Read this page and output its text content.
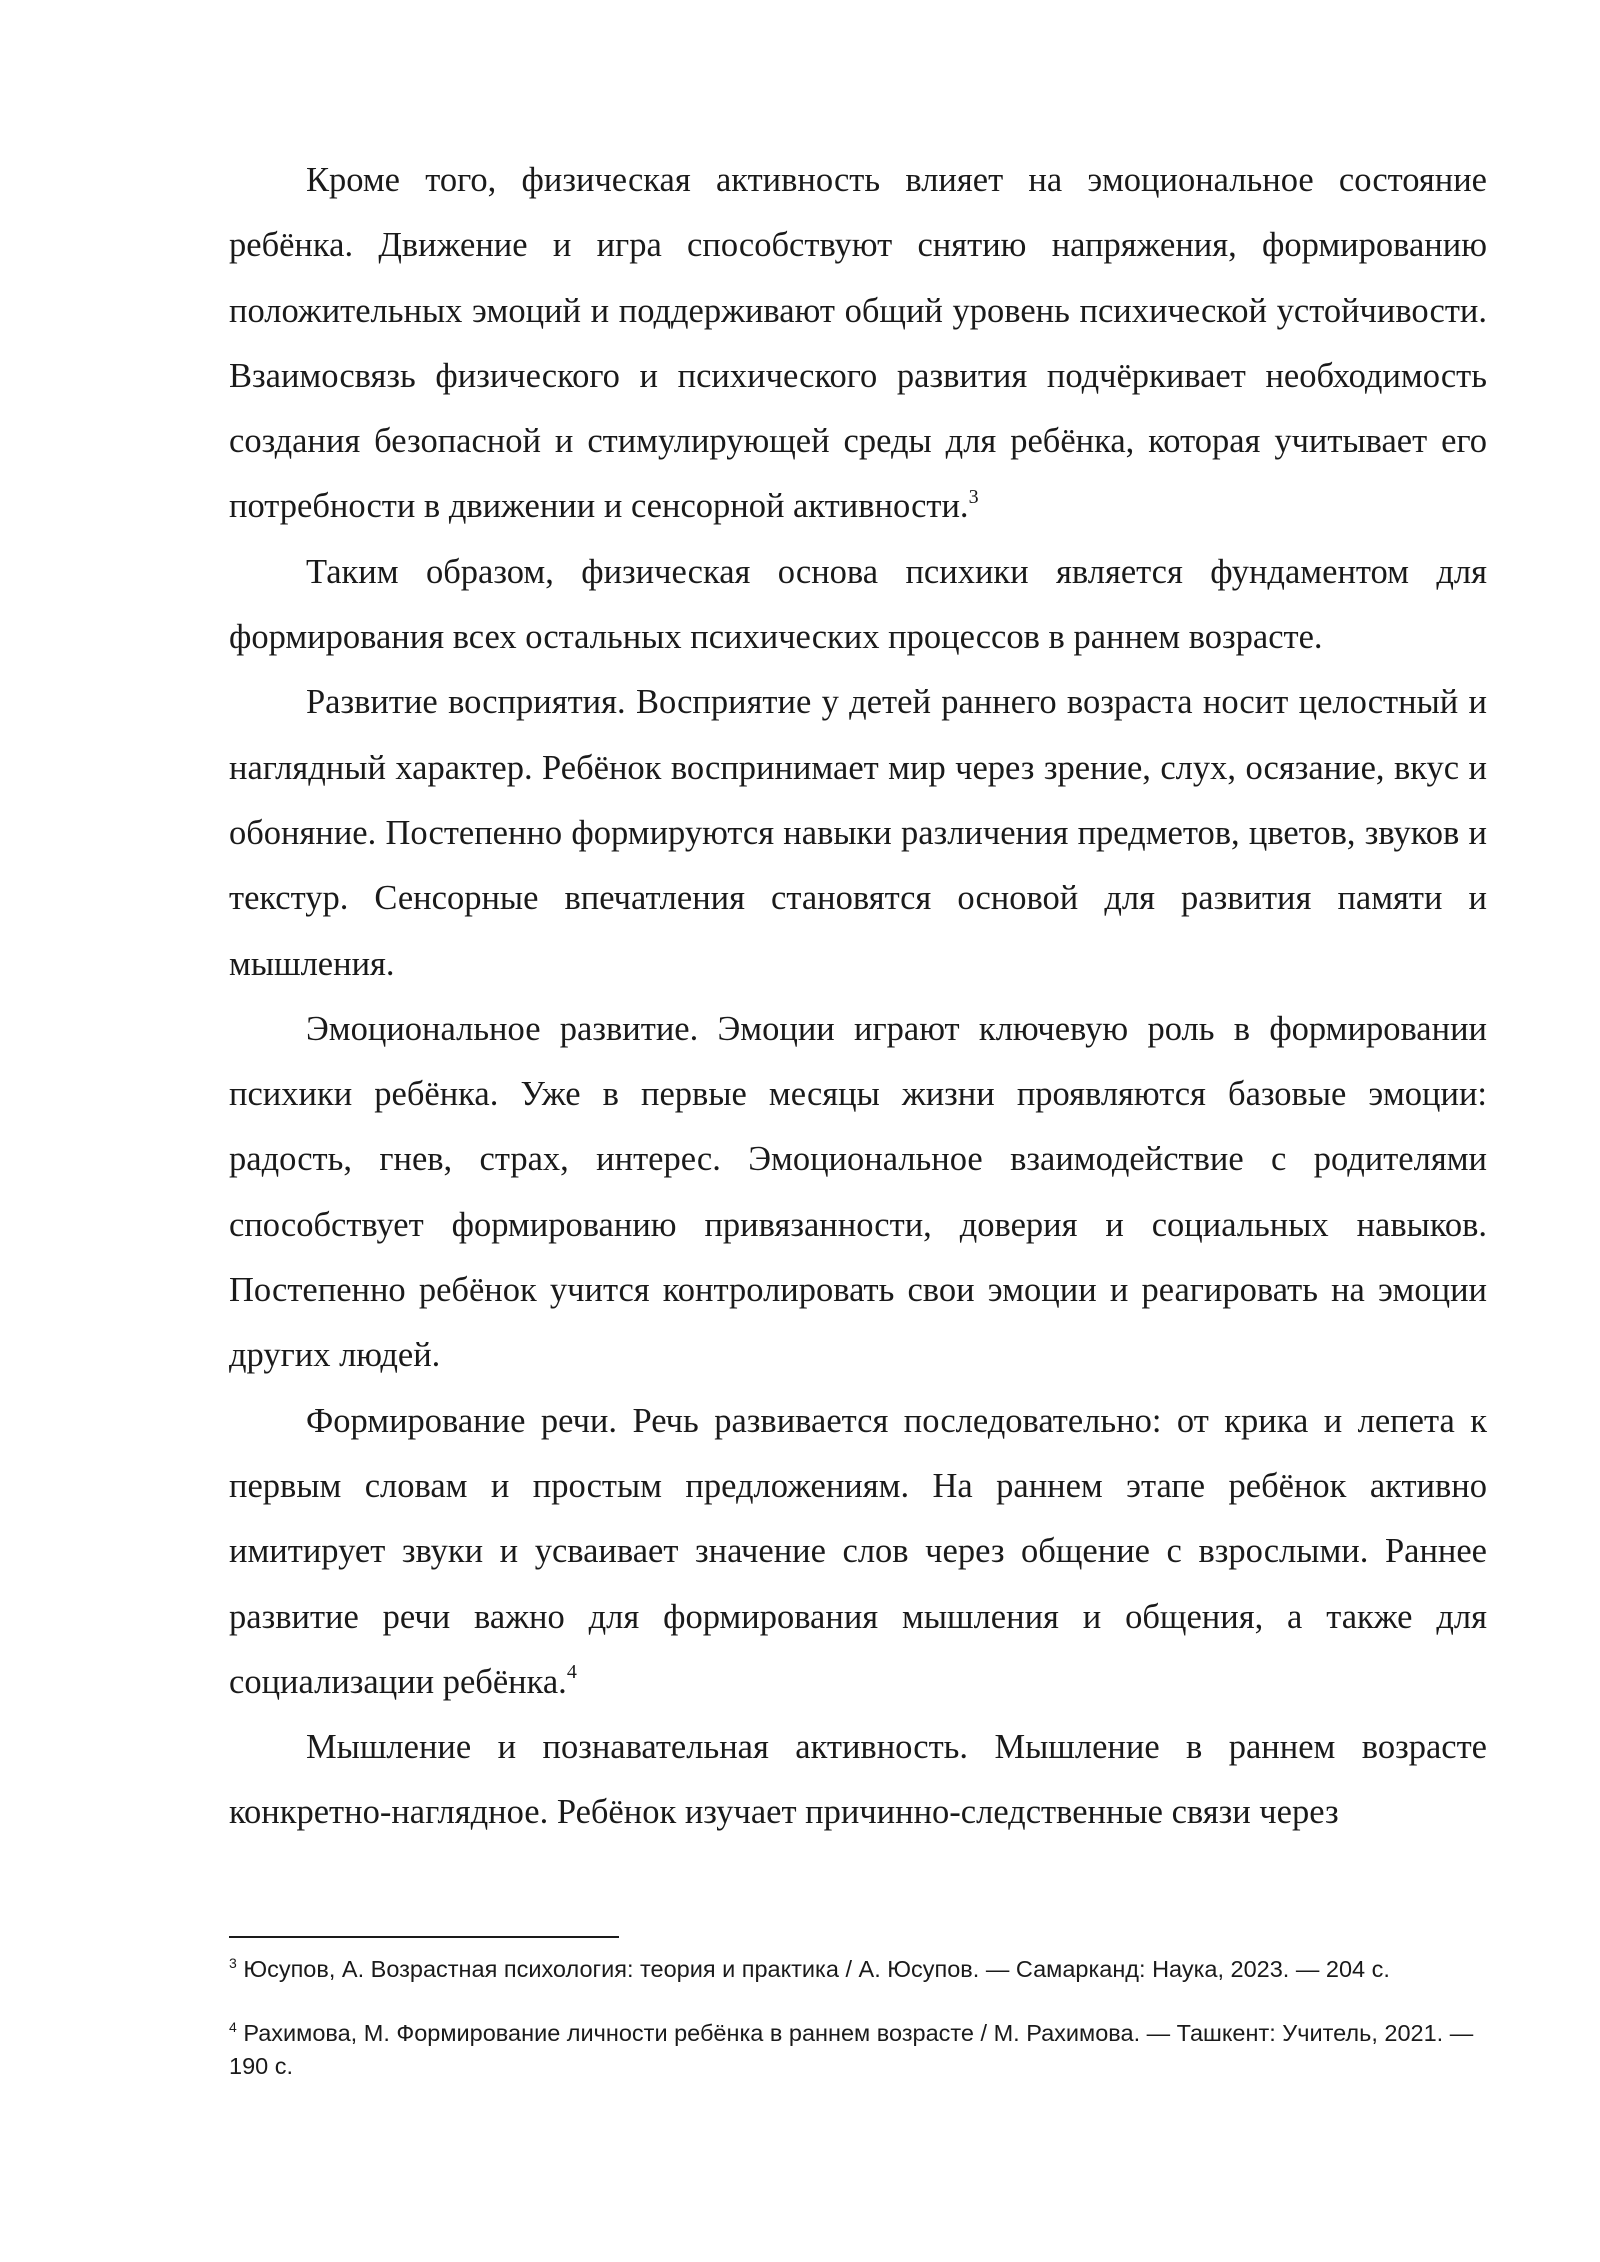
Кроме того, физическая активность влияет на эмоциональное состояние ребёнка. Движение и игра способствуют снятию напряжения, формированию положительных эмоций и поддерживают общий уровень психической устойчивости. Взаимосвязь физического и психического развития подчёркивает необходимость создания безопасной и стимулирующей среды для ребёнка, которая учитывает его потребности в движении и сенсорной активности.$^3$

Таким образом, физическая основа психики является фундаментом для формирования всех остальных психических процессов в раннем возрасте.

Развитие восприятия. Восприятие у детей раннего возраста носит целостный и наглядный характер. Ребёнок воспринимает мир через зрение, слух, осязание, вкус и обоняние. Постепенно формируются навыки различения предметов, цветов, звуков и текстур. Сенсорные впечатления становятся основой для развития памяти и мышления.

Эмоциональное развитие. Эмоции играют ключевую роль в формировании психики ребёнка. Уже в первые месяцы жизни проявляются базовые эмоции: радость, гнев, страх, интерес. Эмоциональное взаимодействие с родителями способствует формированию привязанности, доверия и социальных навыков. Постепенно ребёнок учится контролировать свои эмоции и реагировать на эмоции других людей.

Формирование речи. Речь развивается последовательно: от крика и лепета к первым словам и простым предложениям. На раннем этапе ребёнок активно имитирует звуки и усваивает значение слов через общение с взрослыми. Раннее развитие речи важно для формирования мышления и общения, а также для социализации ребёнка.$^4$

Мышление и познавательная активность. Мышление в раннем возрасте конкретно-наглядное. Ребёнок изучает причинно-следственные связи через

$^3$ Юсупов, А. Возрастная психология: теория и практика / А. Юсупов. — Самарканд: Наука, 2023. — 204 с.

$^4$ Рахимова, М. Формирование личности ребёнка в раннем возрасте / М. Рахимова. — Ташкент: Учитель, 2021. — 190 с.
